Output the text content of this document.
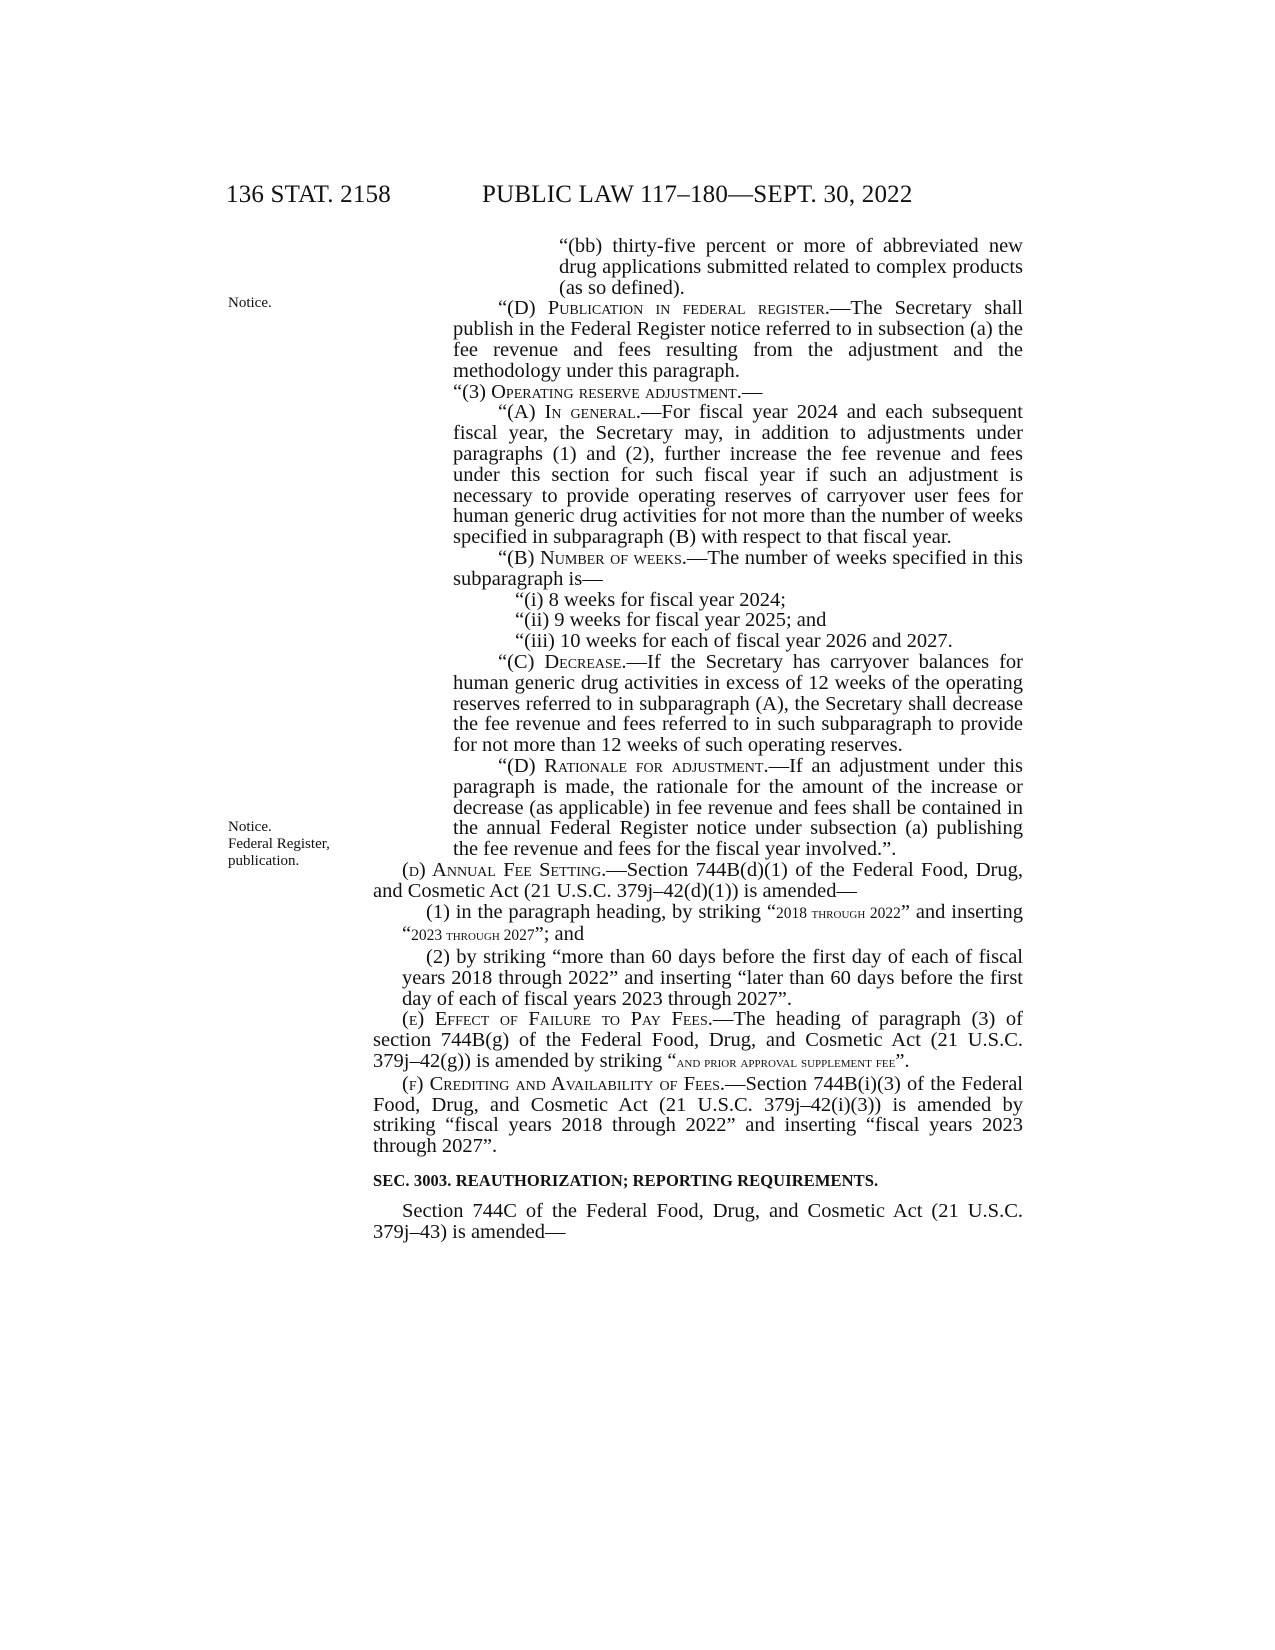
136 STAT. 2158	PUBLIC LAW 117–180—SEPT. 30, 2022
Notice.
Notice.
Federal Register,
publication.
“(bb) thirty-five percent or more of abbreviated new drug applications submitted related to complex products (as so defined).
“(D) Publication in federal register.—The Secretary shall publish in the Federal Register notice referred to in subsection (a) the fee revenue and fees resulting from the adjustment and the methodology under this paragraph.
“(3) Operating reserve adjustment.—
“(A) In general.—For fiscal year 2024 and each subsequent fiscal year, the Secretary may, in addition to adjustments under paragraphs (1) and (2), further increase the fee revenue and fees under this section for such fiscal year if such an adjustment is necessary to provide operating reserves of carryover user fees for human generic drug activities for not more than the number of weeks specified in subparagraph (B) with respect to that fiscal year.
“(B) Number of weeks.—The number of weeks specified in this subparagraph is—
“(i) 8 weeks for fiscal year 2024;
“(ii) 9 weeks for fiscal year 2025; and
“(iii) 10 weeks for each of fiscal year 2026 and 2027.
“(C) Decrease.—If the Secretary has carryover balances for human generic drug activities in excess of 12 weeks of the operating reserves referred to in subparagraph (A), the Secretary shall decrease the fee revenue and fees referred to in such subparagraph to provide for not more than 12 weeks of such operating reserves.
“(D) Rationale for adjustment.—If an adjustment under this paragraph is made, the rationale for the amount of the increase or decrease (as applicable) in fee revenue and fees shall be contained in the annual Federal Register notice under subsection (a) publishing the fee revenue and fees for the fiscal year involved.”.
(d) Annual Fee Setting.—Section 744B(d)(1) of the Federal Food, Drug, and Cosmetic Act (21 U.S.C. 379j–42(d)(1)) is amended—
(1) in the paragraph heading, by striking “2018 through 2022” and inserting “2023 through 2027”; and
(2) by striking “more than 60 days before the first day of each of fiscal years 2018 through 2022” and inserting “later than 60 days before the first day of each of fiscal years 2023 through 2027”.
(e) Effect of Failure to Pay Fees.—The heading of paragraph (3) of section 744B(g) of the Federal Food, Drug, and Cosmetic Act (21 U.S.C. 379j–42(g)) is amended by striking “and prior approval supplement fee”.
(f) Crediting and Availability of Fees.—Section 744B(i)(3) of the Federal Food, Drug, and Cosmetic Act (21 U.S.C. 379j–42(i)(3)) is amended by striking “fiscal years 2018 through 2022” and inserting “fiscal years 2023 through 2027”.
SEC. 3003. REAUTHORIZATION; REPORTING REQUIREMENTS.
Section 744C of the Federal Food, Drug, and Cosmetic Act (21 U.S.C. 379j–43) is amended—
